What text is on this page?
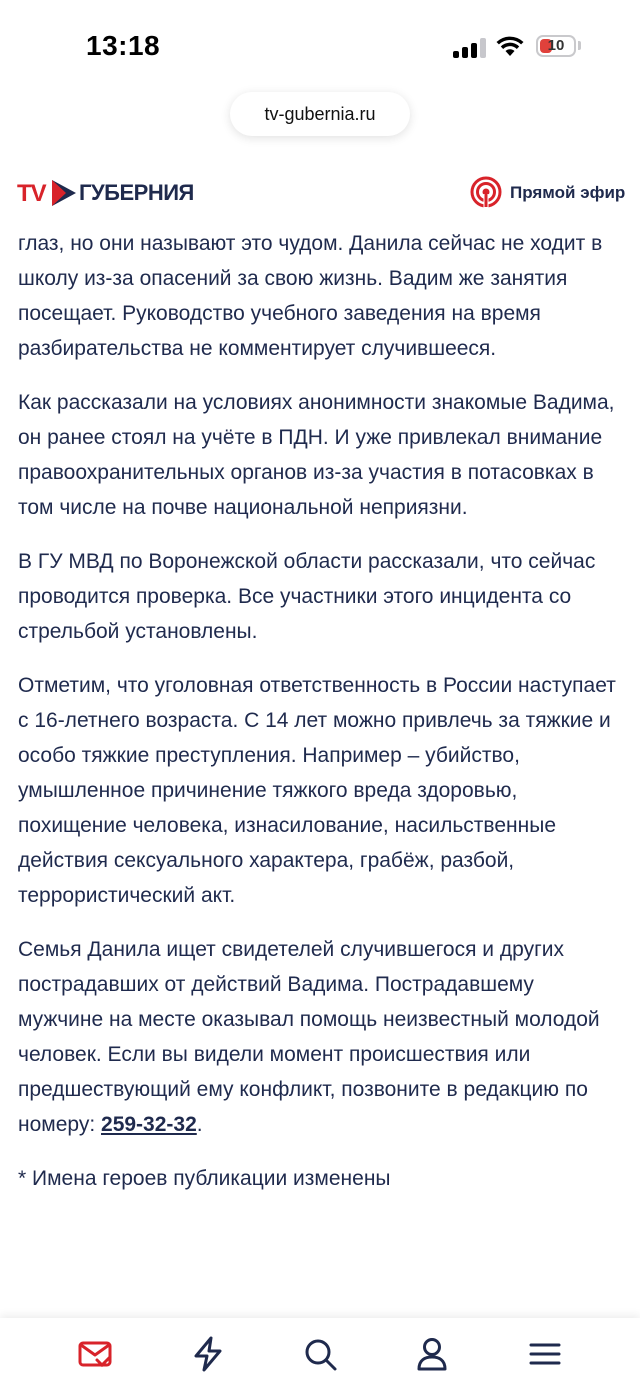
13:18	10
tv-gubernia.ru
TV ГУБЕРНИЯ	Прямой эфир

глаз, но они называют это чудом. Данила сейчас не ходит в школу из-за опасений за свою жизнь. Вадим же занятия посещает. Руководство учебного заведения на время разбирательства не комментирует случившееся.

Как рассказали на условиях анонимности знакомые Вадима, он ранее стоял на учёте в ПДН. И уже привлекал внимание правоохранительных органов из-за участия в потасовках в том числе на почве национальной неприязни.

В ГУ МВД по Воронежской области рассказали, что сейчас проводится проверка. Все участники этого инцидента со стрельбой установлены.

Отметим, что уголовная ответственность в России наступает с 16-летнего возраста. С 14 лет можно привлечь за тяжкие и особо тяжкие преступления. Например – убийство, умышленное причинение тяжкого вреда здоровью, похищение человека, изнасилование, насильственные действия сексуального характера, грабёж, разбой, террористический акт.

Семья Данила ищет свидетелей случившегося и других пострадавших от действий Вадима. Пострадавшему мужчине на месте оказывал помощь неизвестный молодой человек. Если вы видели момент происшествия или предшествующий ему конфликт, позвоните в редакцию по номеру: 259-32-32.

* Имена героев публикации изменены
